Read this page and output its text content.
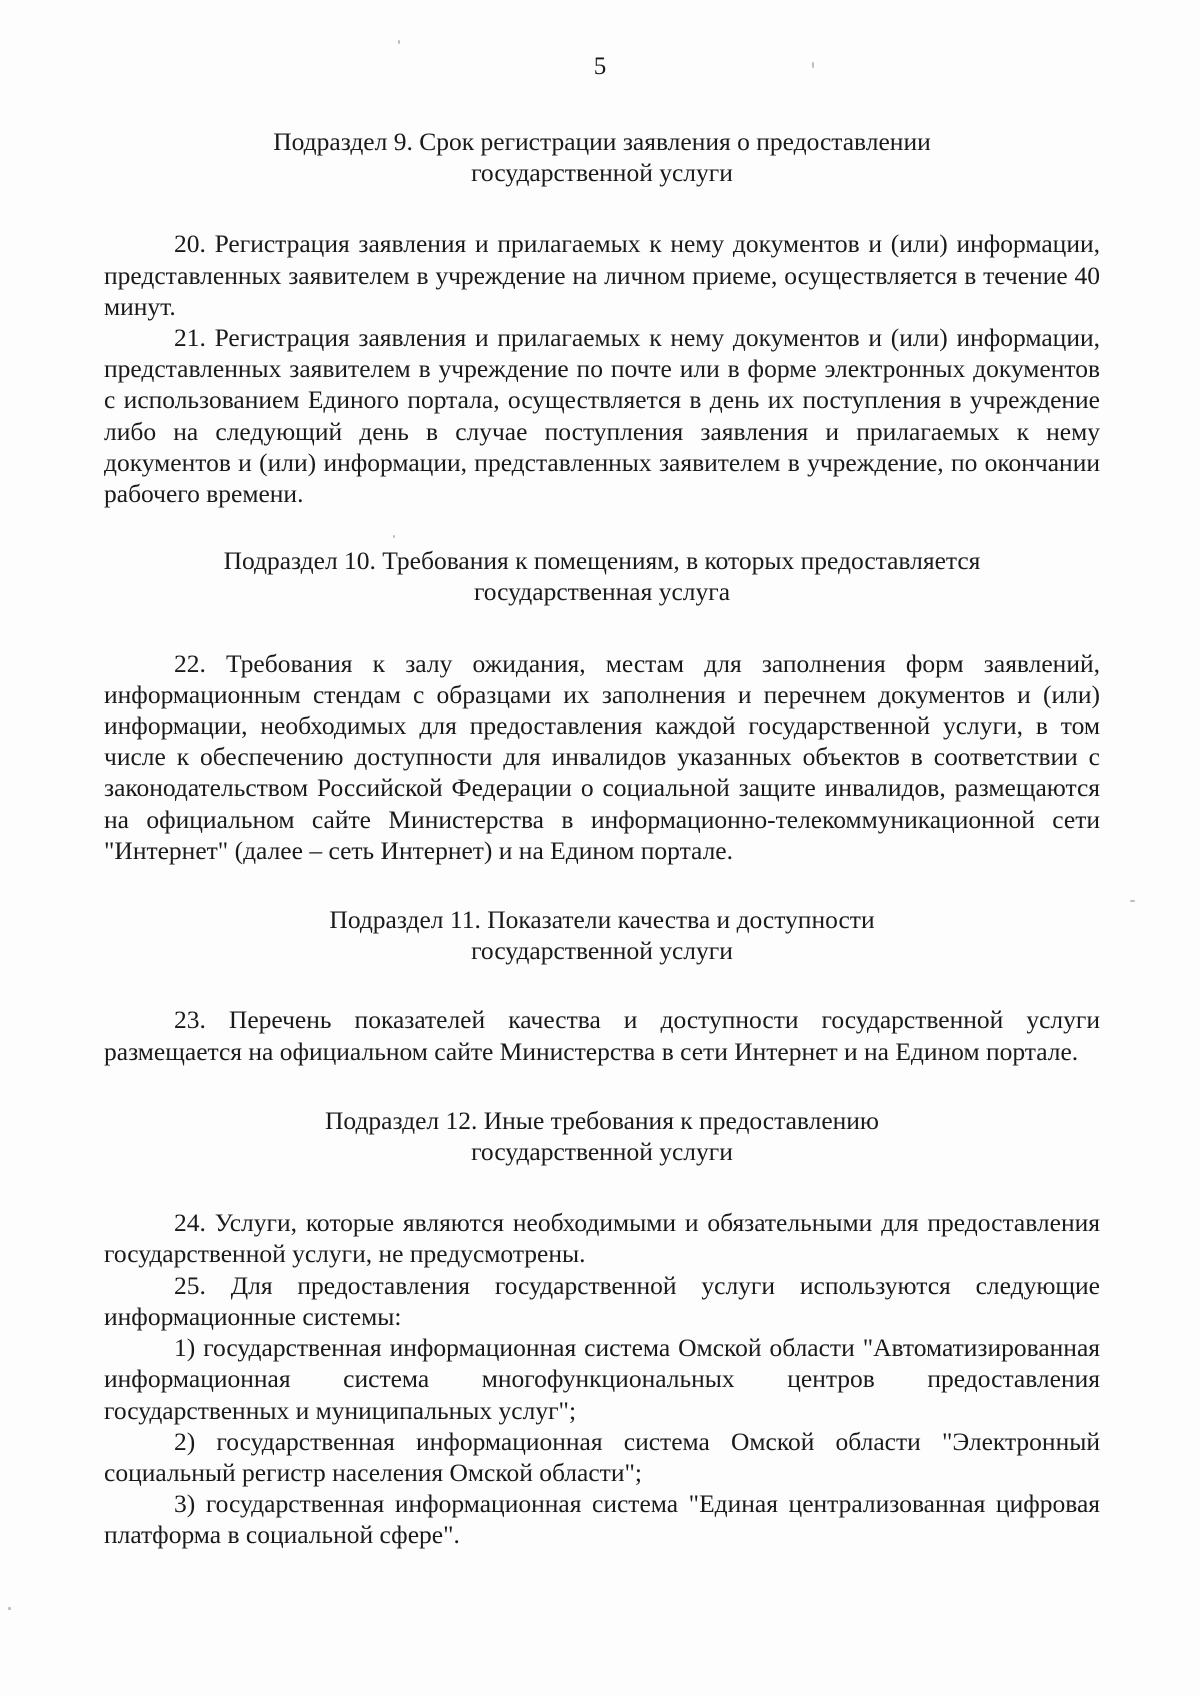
5
Подраздел 9. Срок регистрации заявления о предоставлении
государственной услуги

20. Регистрация заявления и прилагаемых к нему документов и (или) информации, представленных заявителем в учреждение на личном приеме, осуществляется в течение 40 минут.

21. Регистрация заявления и прилагаемых к нему документов и (или) информации, представленных заявителем в учреждение по почте или в форме электронных документов с использованием Единого портала, осуществляется в день их поступления в учреждение либо на следующий день в случае поступления заявления и прилагаемых к нему документов и (или) информации, представленных заявителем в учреждение, по окончании рабочего времени.

Подраздел 10. Требования к помещениям, в которых предоставляется
государственная услуга

22. Требования к залу ожидания, местам для заполнения форм заявлений, информационным стендам с образцами их заполнения и перечнем документов и (или) информации, необходимых для предоставления каждой государственной услуги, в том числе к обеспечению доступности для инвалидов указанных объектов в соответствии с законодательством Российской Федерации о социальной защите инвалидов, размещаются на официальном сайте Министерства в информационно-телекоммуникационной сети "Интернет" (далее – сеть Интернет) и на Едином портале.

Подраздел 11. Показатели качества и доступности
государственной услуги

23. Перечень показателей качества и доступности государственной услуги размещается на официальном сайте Министерства в сети Интернет и на Едином портале.

Подраздел 12. Иные требования к предоставлению
государственной услуги

24. Услуги, которые являются необходимыми и обязательными для предоставления государственной услуги, не предусмотрены.

25. Для предоставления государственной услуги используются следующие информационные системы:

1) государственная информационная система Омской области "Автоматизированная информационная система многофункциональных центров предоставления государственных и муниципальных услуг";

2) государственная информационная система Омской области "Электронный социальный регистр населения Омской области";

3) государственная информационная система "Единая централизованная цифровая платформа в социальной сфере".
